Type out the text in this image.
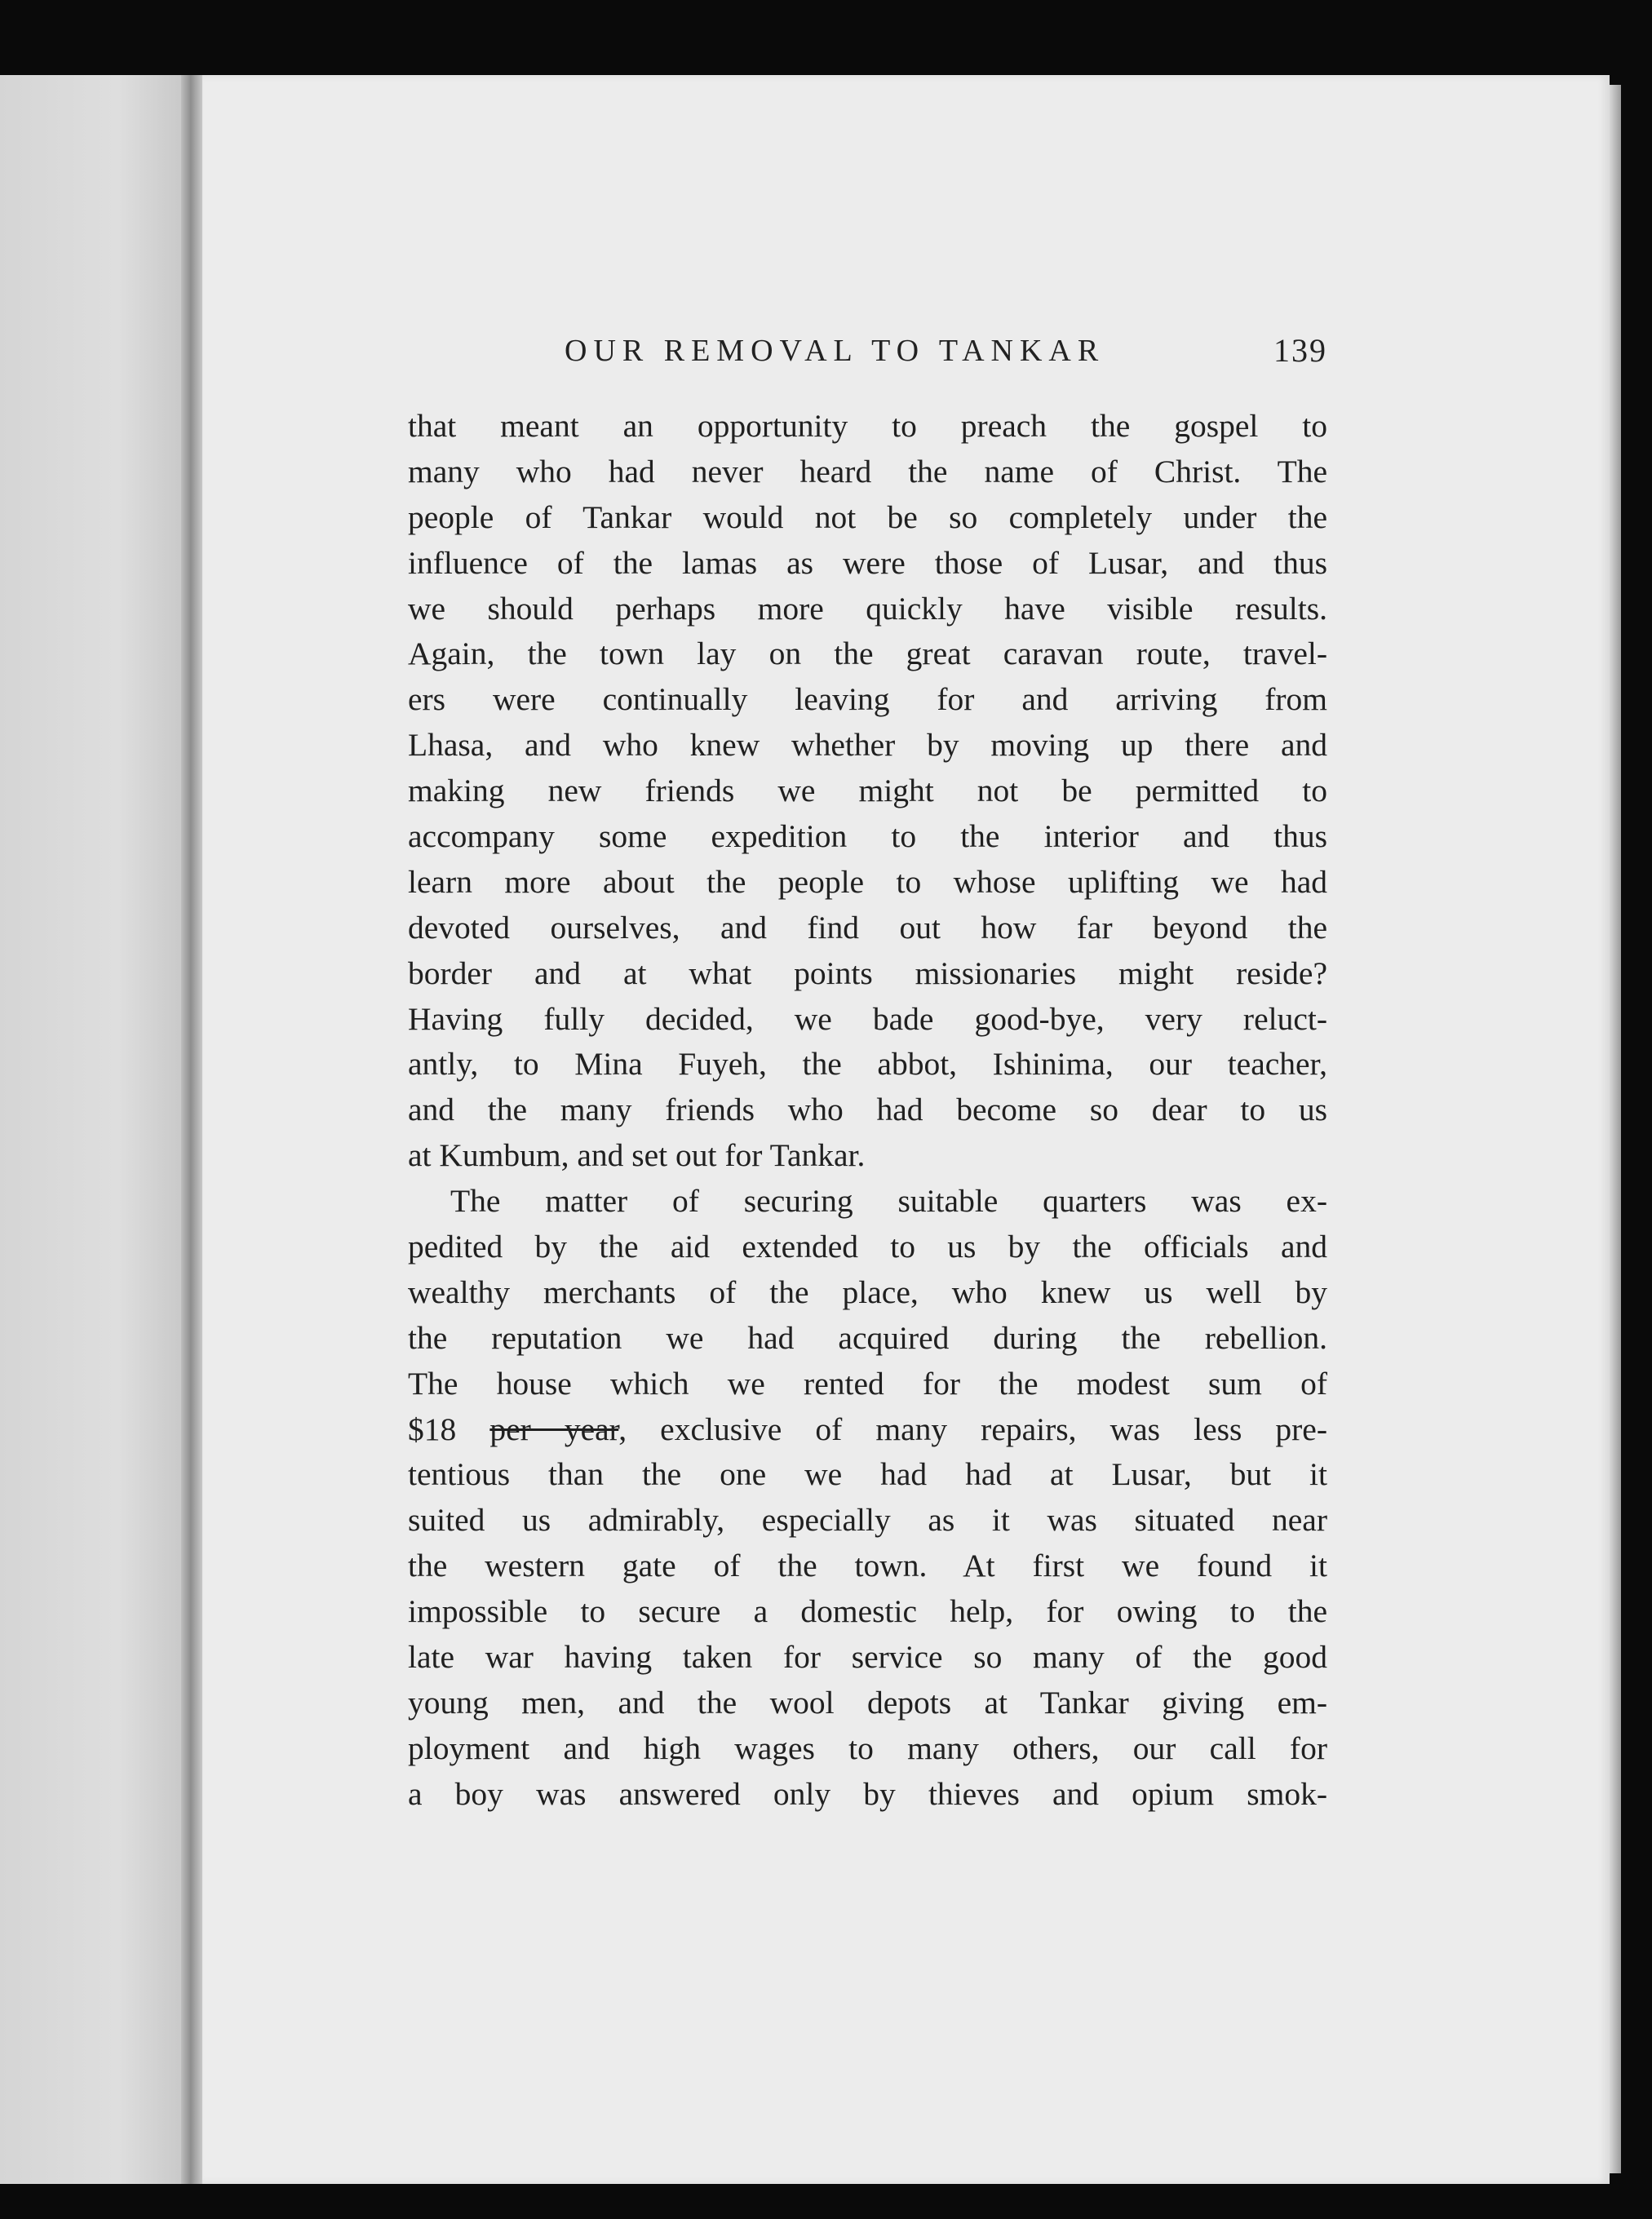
OUR REMOVAL TO TANKAR	139
that meant an opportunity to preach the gospel to
many who had never heard the name of Christ. The
people of Tankar would not be so completely under the
influence of the lamas as were those of Lusar, and thus
we should perhaps more quickly have visible results.
Again, the town lay on the great caravan route, travel-
ers were continually leaving for and arriving from
Lhasa, and who knew whether by moving up there and
making new friends we might not be permitted to
accompany some expedition to the interior and thus
learn more about the people to whose uplifting we had
devoted ourselves, and find out how far beyond the
border and at what points missionaries might reside?
Having fully decided, we bade good-bye, very reluct-
antly, to Mina Fuyeh, the abbot, Ishinima, our teacher,
and the many friends who had become so dear to us
at Kumbum, and set out for Tankar.
The matter of securing suitable quarters was ex-
pedited by the aid extended to us by the officials and
wealthy merchants of the place, who knew us well by
the reputation we had acquired during the rebellion.
The house which we rented for the modest sum of
$18 per year, exclusive of many repairs, was less pre-
tentious than the one we had had at Lusar, but it
suited us admirably, especially as it was situated near
the western gate of the town. At first we found it
impossible to secure a domestic help, for owing to the
late war having taken for service so many of the good
young men, and the wool depots at Tankar giving em-
ployment and high wages to many others, our call for
a boy was answered only by thieves and opium smok-
